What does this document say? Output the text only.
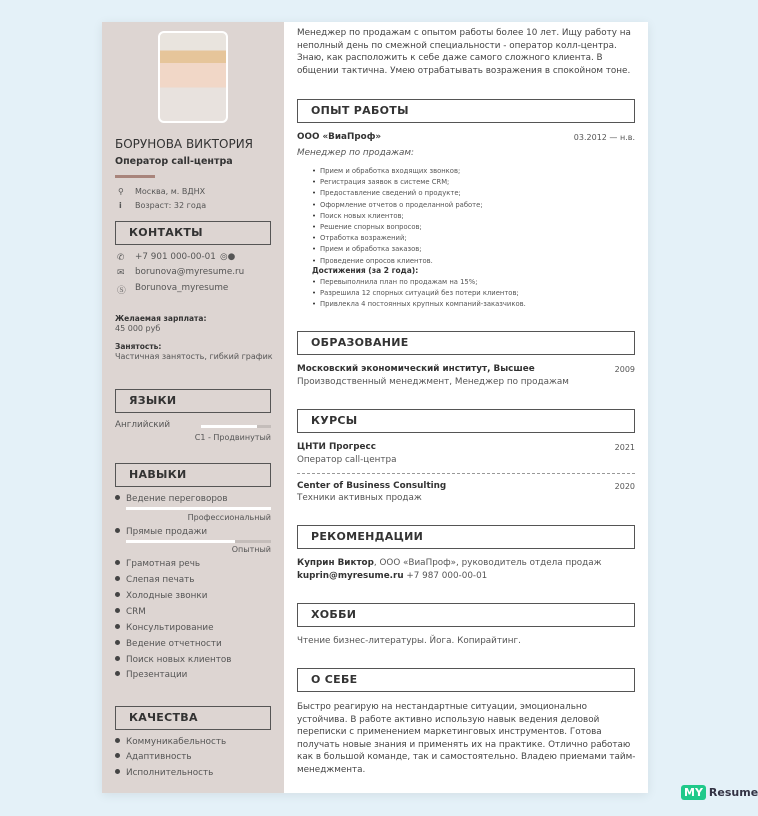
БОРУНОВА ВИКТОРИЯ
Оператор call-центра
⚲ Москва, м. ВДНХ
i Возраст: 32 года
КОНТАКТЫ
✆ +7 901 000-00-01 ◎●
✉ borunova@myresume.ru
Ⓢ Borunova_myresume
Желаемая зарплата:
45 000 руб
Занятость:
Частичная занятость, гибкий график
ЯЗЫКИ
Английский
C1 - Продвинутый
НАВЫКИ
Ведение переговоров
Профессиональный
Прямые продажи
Опытный
Грамотная речь
Слепая печать
Холодные звонки
CRM
Консультирование
Ведение отчетности
Поиск новых клиентов
Презентации
КАЧЕСТВА
Коммуникабельность
Адаптивность
Исполнительность
Менеджер по продажам с опытом работы более 10 лет. Ищу работу на неполный день по смежной специальности - оператор колл-центра. Знаю, как расположить к себе даже самого сложного клиента. В общении тактична. Умею отрабатывать возражения в спокойном тоне.
ОПЫТ РАБОТЫ
ООО «ВиаПроф»	03.2012 — н.в.
Менеджер по продажам:
• Прием и обработка входящих звонков;
• Регистрация заявок в системе CRM;
• Предоставление сведений о продукте;
• Оформление отчетов о проделанной работе;
• Поиск новых клиентов;
• Решение спорных вопросов;
• Отработка возражений;
• Прием и обработка заказов;
• Проведение опросов клиентов.
Достижения (за 2 года):
• Перевыполнила план по продажам на 15%;
• Разрешила 12 спорных ситуаций без потери клиентов;
• Привлекла 4 постоянных крупных компаний-заказчиков.
ОБРАЗОВАНИЕ
Московский экономический институт, Высшее	2009
Производственный менеджмент, Менеджер по продажам
КУРСЫ
ЦНТИ Прогресс	2021
Оператор call-центра
Center of Business Consulting	2020
Техники активных продаж
РЕКОМЕНДАЦИИ
Куприн Виктор, ООО «ВиаПроф», руководитель отдела продаж
kuprin@myresume.ru +7 987 000-00-01
ХОББИ
Чтение бизнес-литературы. Йога. Копирайтинг.
О СЕБЕ
Быстро реагирую на нестандартные ситуации, эмоционально устойчива. В работе активно использую навык ведения деловой переписки с применением маркетинговых инструментов. Готова получать новые знания и применять их на практике. Отлично работаю как в большой команде, так и самостоятельно. Владею приемами тайм-менеджмента.
MY Resume
